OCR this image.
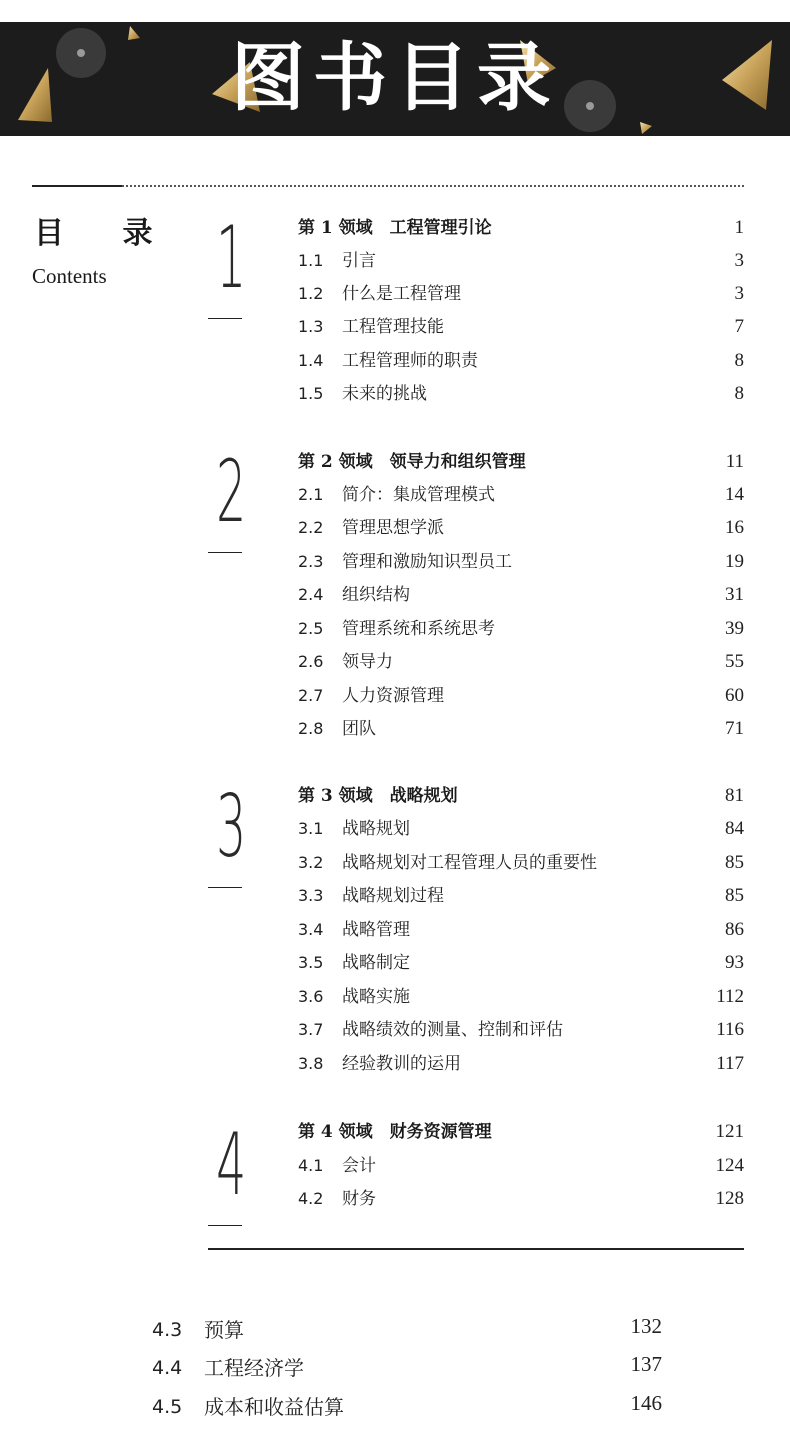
图书目录
目 录
Contents 1	第 1 领域　工程管理引论	1
1.1 引言	3
1.2 什么是工程管理	3
1.3 工程管理技能	7
1.4 工程管理师的职责	8
1.5 未来的挑战	8
2	第 2 领域　领导力和组织管理	11
2.1 简介：集成管理模式	14
2.2 管理思想学派	16
2.3 管理和激励知识型员工	19
2.4 组织结构	31
2.5 管理系统和系统思考	39
2.6 领导力	55
2.7 人力资源管理	60
2.8 团队	71
3	第 3 领域　战略规划	81
3.1 战略规划	84
3.2 战略规划对工程管理人员的重要性	85
3.3 战略规划过程	85
3.4 战略管理	86
3.5 战略制定	93
3.6 战略实施	112
3.7 战略绩效的测量、控制和评估	116
3.8 经验教训的运用	117
4	第 4 领域　财务资源管理	121
4.1 会计	124
4.2 财务	128
4.3 预算	132
4.4 工程经济学	137
4.5 成本和收益估算	146
